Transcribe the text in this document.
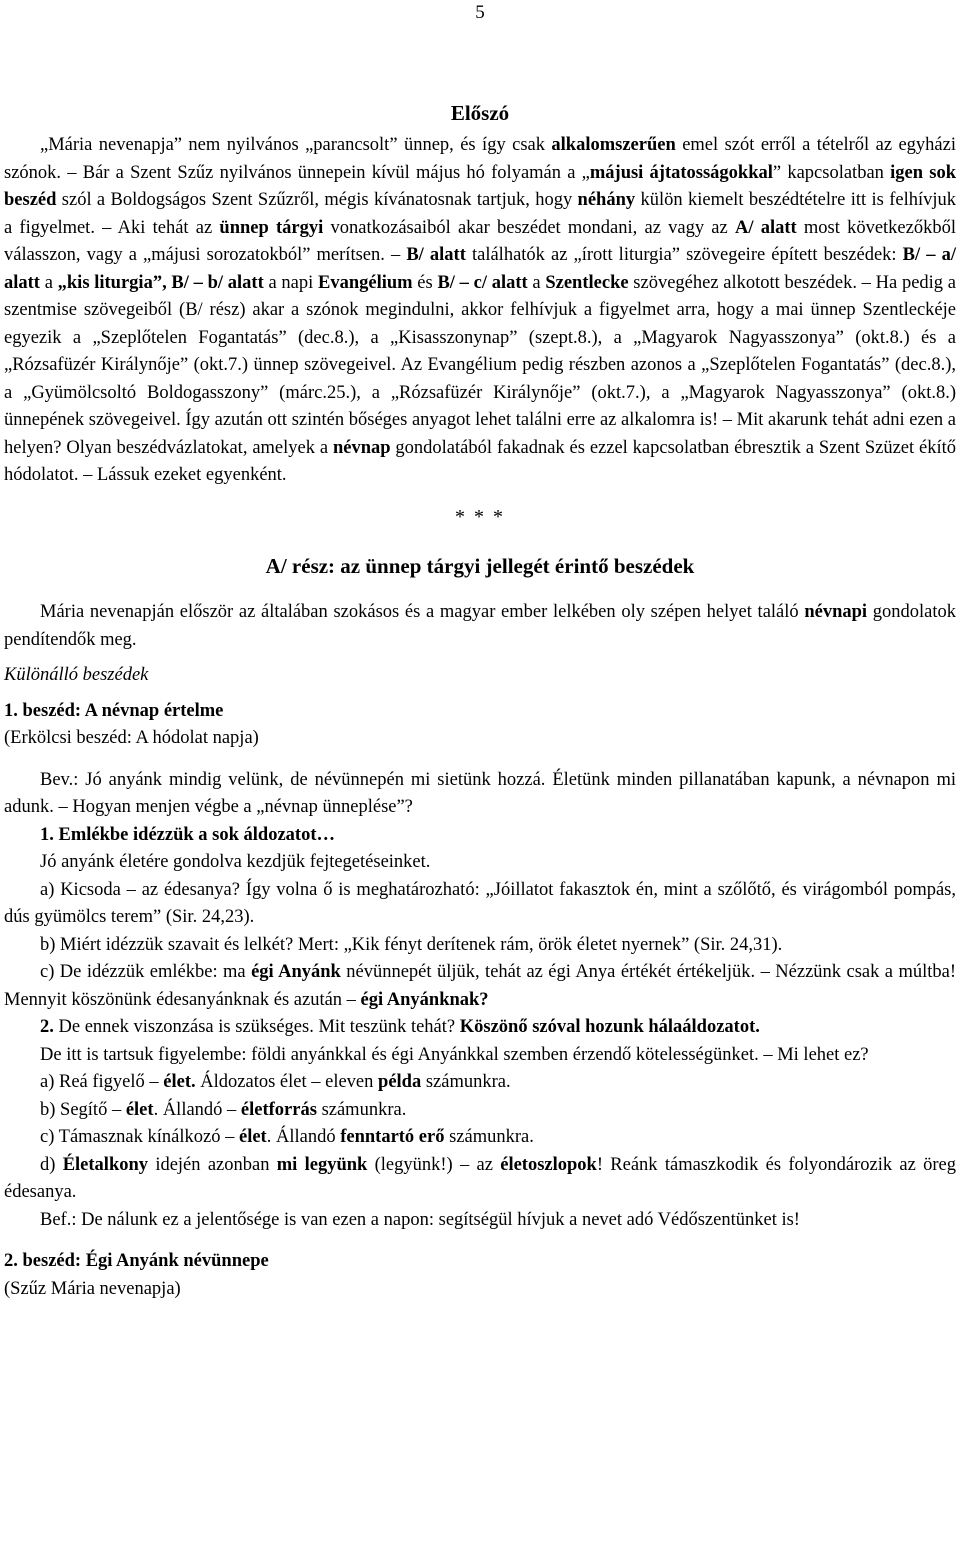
5
Előszó

„Mária nevenapja” nem nyilvános „parancsolt” ünnep, és így csak alkalomszerűen emel szót erről a tételről az egyházi szónok. – Bár a Szent Szűz nyilvános ünnepein kívül május hó folyamán a „májusi ájtatosságokkal” kapcsolatban igen sok beszéd szól a Boldogságos Szent Szűzről, mégis kívánatosnak tartjuk, hogy néhány külön kiemelt beszédtételre itt is felhívjuk a figyelmet. – Aki tehát az ünnep tárgyi vonatkozásaiból akar beszédet mondani, az vagy az A/ alatt most következőkből válasszon, vagy a „májusi sorozatokból” merítsen. – B/ alatt találhatók az „írott liturgia” szövegeire épített beszédek: B/ – a/ alatt a „kis liturgia”, B/ – b/ alatt a napi Evangélium és B/ – c/ alatt a Szentlecke szövegéhez alkotott beszédek. – Ha pedig a szentmise szövegeiből (B/ rész) akar a szónok megindulni, akkor felhívjuk a figyelmet arra, hogy a mai ünnep Szentleckéje egyezik a „Szeplőtelen Fogantatás” (dec.8.), a „Kisasszonynap” (szept.8.), a „Magyarok Nagyasszonya” (okt.8.) és a „Rózsafüzér Királynője” (okt.7.) ünnep szövegeivel. Az Evangélium pedig részben azonos a „Szeplőtelen Fogantatás” (dec.8.), a „Gyümölcsoltó Boldogasszony” (márc.25.), a „Rózsafüzér Királynője” (okt.7.), a „Magyarok Nagyasszonya” (okt.8.) ünnepének szövegeivel. Így azután ott szintén bőséges anyagot lehet találni erre az alkalomra is! – Mit akarunk tehát adni ezen a helyen? Olyan beszédvázlatokat, amelyek a névnap gondolatából fakadnak és ezzel kapcsolatban ébresztik a Szent Szüzet ékítő hódolatot. – Lássuk ezeket egyenként.

* * *
A/ rész: az ünnep tárgyi jellegét érintő beszédek

Mária nevenapján először az általában szokásos és a magyar ember lelkében oly szépen helyet találó névnapi gondolatok pendítendők meg.

Különálló beszédek

1. beszéd: A névnap értelme

(Erkölcsi beszéd: A hódolat napja)

Bev.: Jó anyánk mindig velünk, de névünnepén mi sietünk hozzá. Életünk minden pillanatában kapunk, a névnapon mi adunk. – Hogyan menjen végbe a „névnap ünneplése”?

1. Emlékbe idézzük a sok áldozatot…

Jó anyánk életére gondolva kezdjük fejtegetéseinket.

a) Kicsoda – az édesanya? Így volna ő is meghatározható: „Jóillatot fakasztok én, mint a szőlőtő, és virágomból pompás, dús gyümölcs terem” (Sir. 24,23).

b) Miért idézzük szavait és lelkét? Mert: „Kik fényt derítenek rám, örök életet nyernek” (Sir. 24,31).

c) De idézzük emlékbe: ma égi Anyánk névünnepét üljük, tehát az égi Anya értékét értékeljük. – Nézzünk csak a múltba! Mennyit köszönünk édesanyánknak és azután – égi Anyánknak?

2. De ennek viszonzása is szükséges. Mit teszünk tehát? Köszönő szóval hozunk hálaáldozatot.

De itt is tartsuk figyelembe: földi anyánkkal és égi Anyánkkal szemben érzendő kötelességünket. – Mi lehet ez?

a) Reá figyelő – élet. Áldozatos élet – eleven példa számunkra.

b) Segítő – élet. Állandó – életforrás számunkra.

c) Támasznak kínálkozó – élet. Állandó fenntartó erő számunkra.

d) Életalkony idején azonban mi legyünk (legyünk!) – az életoszlopok! Reánk támaszkodik és folyondározik az öreg édesanya.

Bef.: De nálunk ez a jelentősége is van ezen a napon: segítségül hívjuk a nevet adó Védőszentünket is!

2. beszéd: Égi Anyánk névünnepe

(Szűz Mária nevenapja)
